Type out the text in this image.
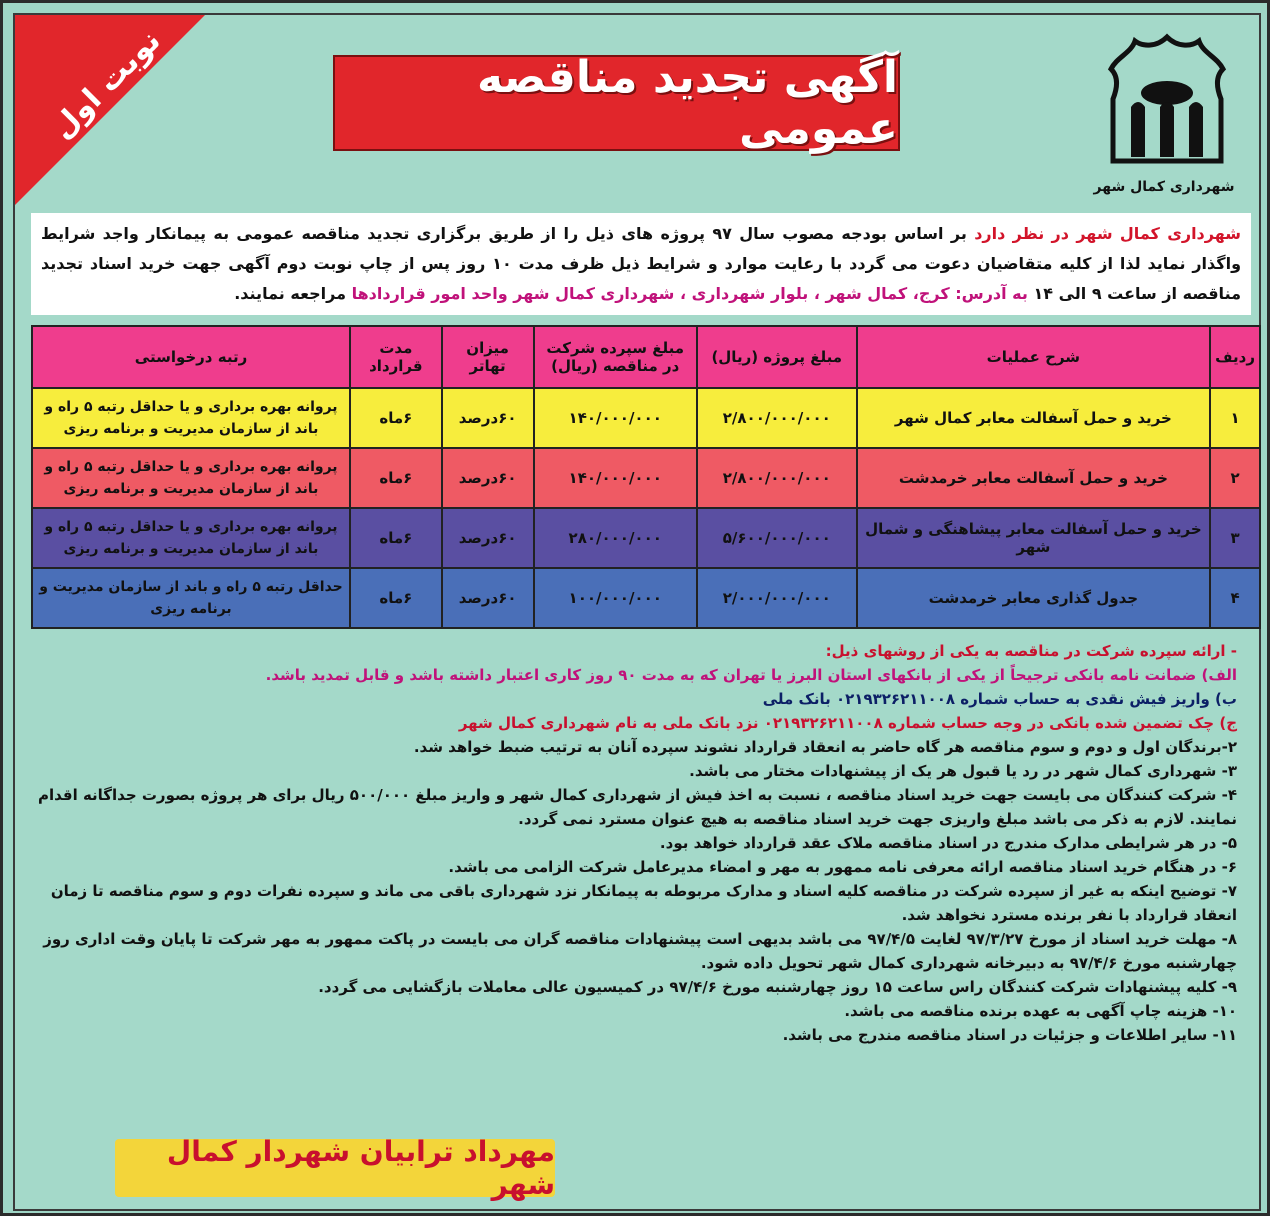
نوبت اول	آگهی تجدید مناقصه عمومی
شهرداری کمال شهر
شهرداری کمال شهر در نظر دارد بر اساس بودجه مصوب سال ۹۷ پروژه های ذیل را از طریق برگزاری تجدید مناقصه عمومی به پیمانکار واجد شرایط واگذار نماید لذا از کلیه متقاضیان دعوت می گردد با رعایت موارد و شرایط ذیل ظرف مدت ۱۰ روز پس از چاپ نوبت دوم آگهی جهت خرید اسناد تجدید مناقصه از ساعت ۹ الی ۱۴ به آدرس: کرج، کمال شهر ، بلوار شهرداری ، شهرداری کمال شهر واحد امور قراردادها مراجعه نمایند.
ردیف	شرح عملیات	مبلغ پروژه (ریال)	مبلغ سپرده شرکت در مناقصه (ریال)	میزان تهاتر	مدت قرارداد	رتبه درخواستی
۱	خرید و حمل آسفالت معابر کمال شهر	۲/۸۰۰/۰۰۰/۰۰۰	۱۴۰/۰۰۰/۰۰۰	۶۰درصد	۶ماه	پروانه بهره برداری و یا حداقل رتبه ۵ راه و باند از سازمان مدیریت و برنامه ریزی
۲	خرید و حمل آسفالت معابر خرمدشت	۲/۸۰۰/۰۰۰/۰۰۰	۱۴۰/۰۰۰/۰۰۰	۶۰درصد	۶ماه	پروانه بهره برداری و یا حداقل رتبه ۵ راه و باند از سازمان مدیریت و برنامه ریزی
۳	خرید و حمل آسفالت معابر پیشاهنگی و شمال شهر	۵/۶۰۰/۰۰۰/۰۰۰	۲۸۰/۰۰۰/۰۰۰	۶۰درصد	۶ماه	پروانه بهره برداری و یا حداقل رتبه ۵ راه و باند از سازمان مدیریت و برنامه ریزی
۴	جدول گذاری معابر خرمدشت	۲/۰۰۰/۰۰۰/۰۰۰	۱۰۰/۰۰۰/۰۰۰	۶۰درصد	۶ماه	حداقل رتبه ۵ راه و باند از سازمان مدیریت و برنامه ریزی

- ارائه سپرده شرکت در مناقصه به یکی از روشهای ذیل:

الف) ضمانت نامه بانکی ترجیحاً از یکی از بانکهای استان البرز یا تهران که به مدت ۹۰ روز کاری اعتبار داشته باشد و قابل تمدید باشد.

ب) واریز فیش نقدی به حساب شماره ۰۲۱۹۳۲۶۲۱۱۰۰۸ بانک ملی

ج) چک تضمین شده بانکی در وجه حساب شماره ۰۲۱۹۳۲۶۲۱۱۰۰۸ نزد بانک ملی به نام شهرداری کمال شهر

۲-برندگان اول و دوم و سوم مناقصه هر گاه حاضر به انعقاد قرارداد نشوند سپرده آنان به ترتیب ضبط خواهد شد.

۳- شهرداری کمال شهر در رد یا قبول هر یک از پیشنهادات مختار می باشد.

۴- شرکت کنندگان می بایست جهت خرید اسناد مناقصه ، نسبت به اخذ فیش از شهرداری کمال شهر و واریز مبلغ ۵۰۰/۰۰۰ ریال برای هر پروژه بصورت جداگانه اقدام نمایند. لازم به ذکر می باشد مبلغ واریزی جهت خرید اسناد مناقصه به هیچ عنوان مسترد نمی گردد.

۵- در هر شرایطی مدارک مندرج در اسناد مناقصه ملاک عقد قرارداد خواهد بود.

۶- در هنگام خرید اسناد مناقصه ارائه معرفی نامه ممهور به مهر و امضاء مدیرعامل شرکت الزامی می باشد.

۷- توضیح اینکه به غیر از سپرده شرکت در مناقصه کلیه اسناد و مدارک مربوطه به پیمانکار نزد شهرداری باقی می ماند و سپرده نفرات دوم و سوم مناقصه تا زمان انعقاد قرارداد با نفر برنده مسترد نخواهد شد.

۸- مهلت خرید اسناد از مورخ ۹۷/۳/۲۷ لغایت ۹۷/۴/۵ می باشد بدیهی است پیشنهادات مناقصه گران می بایست در پاکت ممهور به مهر شرکت تا پایان وقت اداری روز چهارشنبه مورخ ۹۷/۴/۶ به دبیرخانه شهرداری کمال شهر تحویل داده شود.

۹- کلیه پیشنهادات شرکت کنندگان راس ساعت ۱۵ روز چهارشنبه مورخ ۹۷/۴/۶ در کمیسیون عالی معاملات بازگشایی می گردد.

۱۰- هزینه چاپ آگهی به عهده برنده مناقصه می باشد.

۱۱- سایر اطلاعات و جزئیات در اسناد مناقصه مندرج می باشد.

مهرداد ترابیان شهردار کمال شهر
